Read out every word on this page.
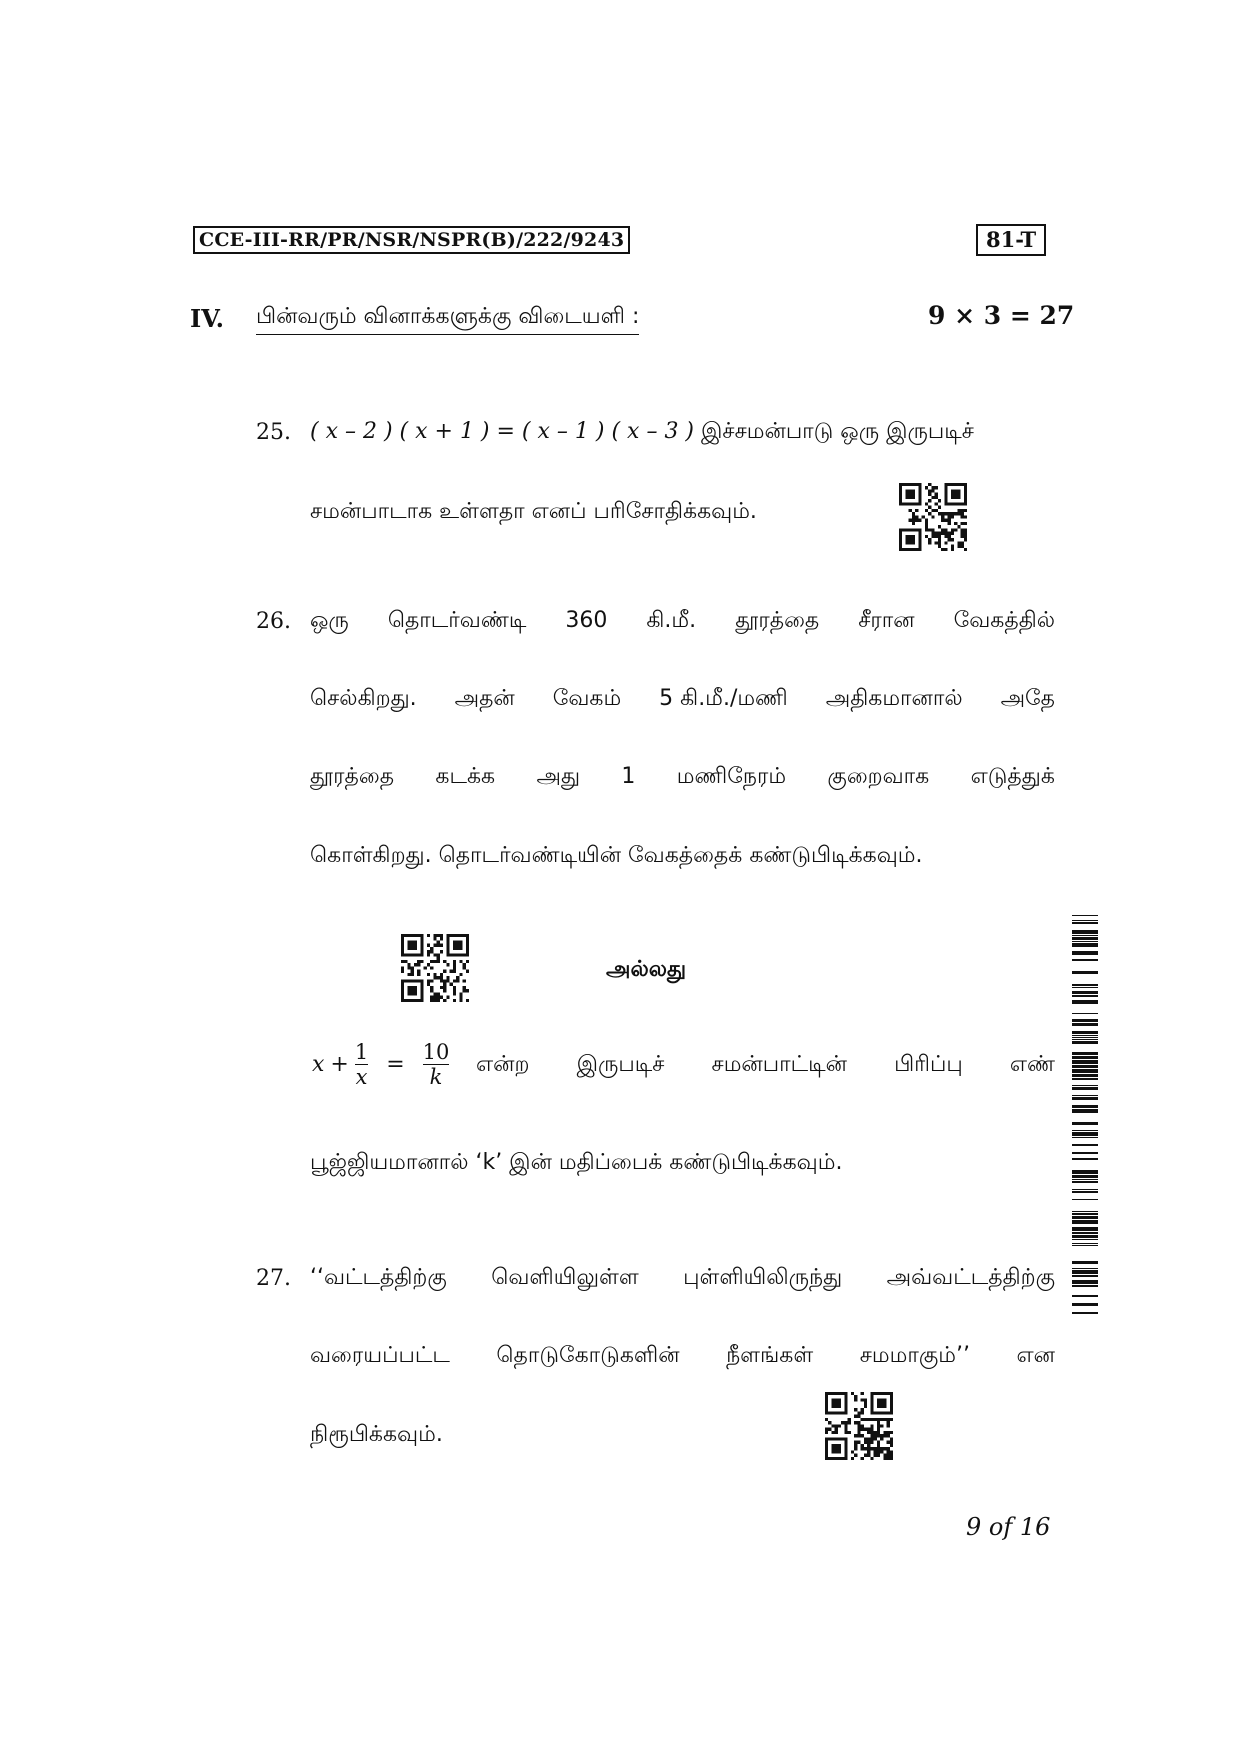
CCE-III-RR/PR/NSR/NSPR(B)/222/9243	81-T
IV. பின்வரும் வினாக்களுக்கு விடையளி :	9 × 3 = 27
25. ( x – 2 ) ( x + 1 ) = ( x – 1 ) ( x – 3 ) இச்சமன்பாடு ஒரு இருபடிச்
சமன்பாடாக உள்ளதா எனப் பரிசோதிக்கவும்.
26. ஒரு தொடர்வண்டி 360 கி.மீ. தூரத்தை சீரான வேகத்தில்
செல்கிறது. அதன் வேகம் 5 கி.மீ./மணி அதிகமானால் அதே
தூரத்தை கடக்க அது 1 மணிநேரம் குறைவாக எடுத்துக்
கொள்கிறது. தொடர்வண்டியின் வேகத்தைக் கண்டுபிடிக்கவும்.
அல்லது
$x + \frac{1}{x} = \frac{10}{k}$ என்ற இருபடிச் சமன்பாட்டின் பிரிப்பு எண்
பூஜ்ஜியமானால் ‘k’ இன் மதிப்பைக் கண்டுபிடிக்கவும்.
27. ‘‘வட்டத்திற்கு வெளியிலுள்ள புள்ளியிலிருந்து அவ்வட்டத்திற்கு
வரையப்பட்ட தொடுகோடுகளின் நீளங்கள் சமமாகும்’’ என
நிரூபிக்கவும்.
9 of 16
